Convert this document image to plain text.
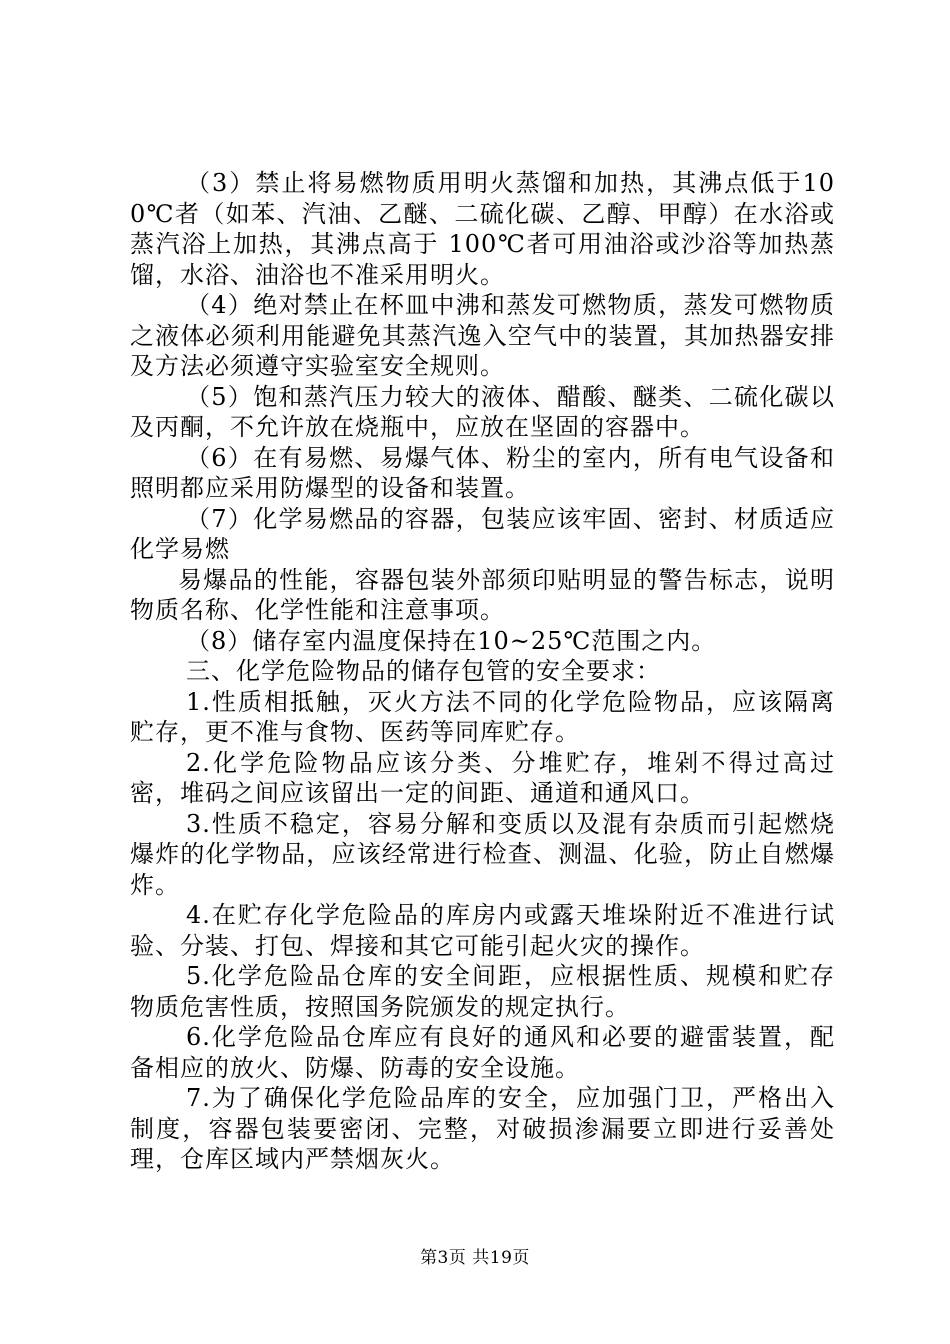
（3）禁止将易燃物质用明火蒸馏和加热，其沸点低于100℃者（如苯、汽油、乙醚、二硫化碳、乙醇、甲醇）在水浴或蒸汽浴上加热，其沸点高于 100℃者可用油浴或沙浴等加热蒸馏，水浴、油浴也不准采用明火。

（4）绝对禁止在杯皿中沸和蒸发可燃物质，蒸发可燃物质之液体必须利用能避免其蒸汽逸入空气中的装置，其加热器安排及方法必须遵守实验室安全规则。

（5）饱和蒸汽压力较大的液体、醋酸、醚类、二硫化碳以及丙酮，不允许放在烧瓶中，应放在坚固的容器中。

（6）在有易燃、易爆气体、粉尘的室内，所有电气设备和照明都应采用防爆型的设备和装置。

（7）化学易燃品的容器，包装应该牢固、密封、材质适应化学易燃

易爆品的性能，容器包装外部须印贴明显的警告标志，说明物质名称、化学性能和注意事项。

（8）储存室内温度保持在10~25℃范围之内。

三、化学危险物品的储存包管的安全要求：

1.性质相抵触，灭火方法不同的化学危险物品，应该隔离贮存，更不准与食物、医药等同库贮存。

2.化学危险物品应该分类、分堆贮存，堆剁不得过高过密，堆码之间应该留出一定的间距、通道和通风口。

3.性质不稳定，容易分解和变质以及混有杂质而引起燃烧爆炸的化学物品，应该经常进行检查、测温、化验，防止自燃爆炸。

4.在贮存化学危险品的库房内或露天堆垛附近不准进行试验、分装、打包、焊接和其它可能引起火灾的操作。

5.化学危险品仓库的安全间距，应根据性质、规模和贮存物质危害性质，按照国务院颁发的规定执行。

6.化学危险品仓库应有良好的通风和必要的避雷装置，配备相应的放火、防爆、防毒的安全设施。

7.为了确保化学危险品库的安全，应加强门卫，严格出入制度，容器包装要密闭、完整，对破损渗漏要立即进行妥善处理，仓库区域内严禁烟灰火。

第3页 共19页
